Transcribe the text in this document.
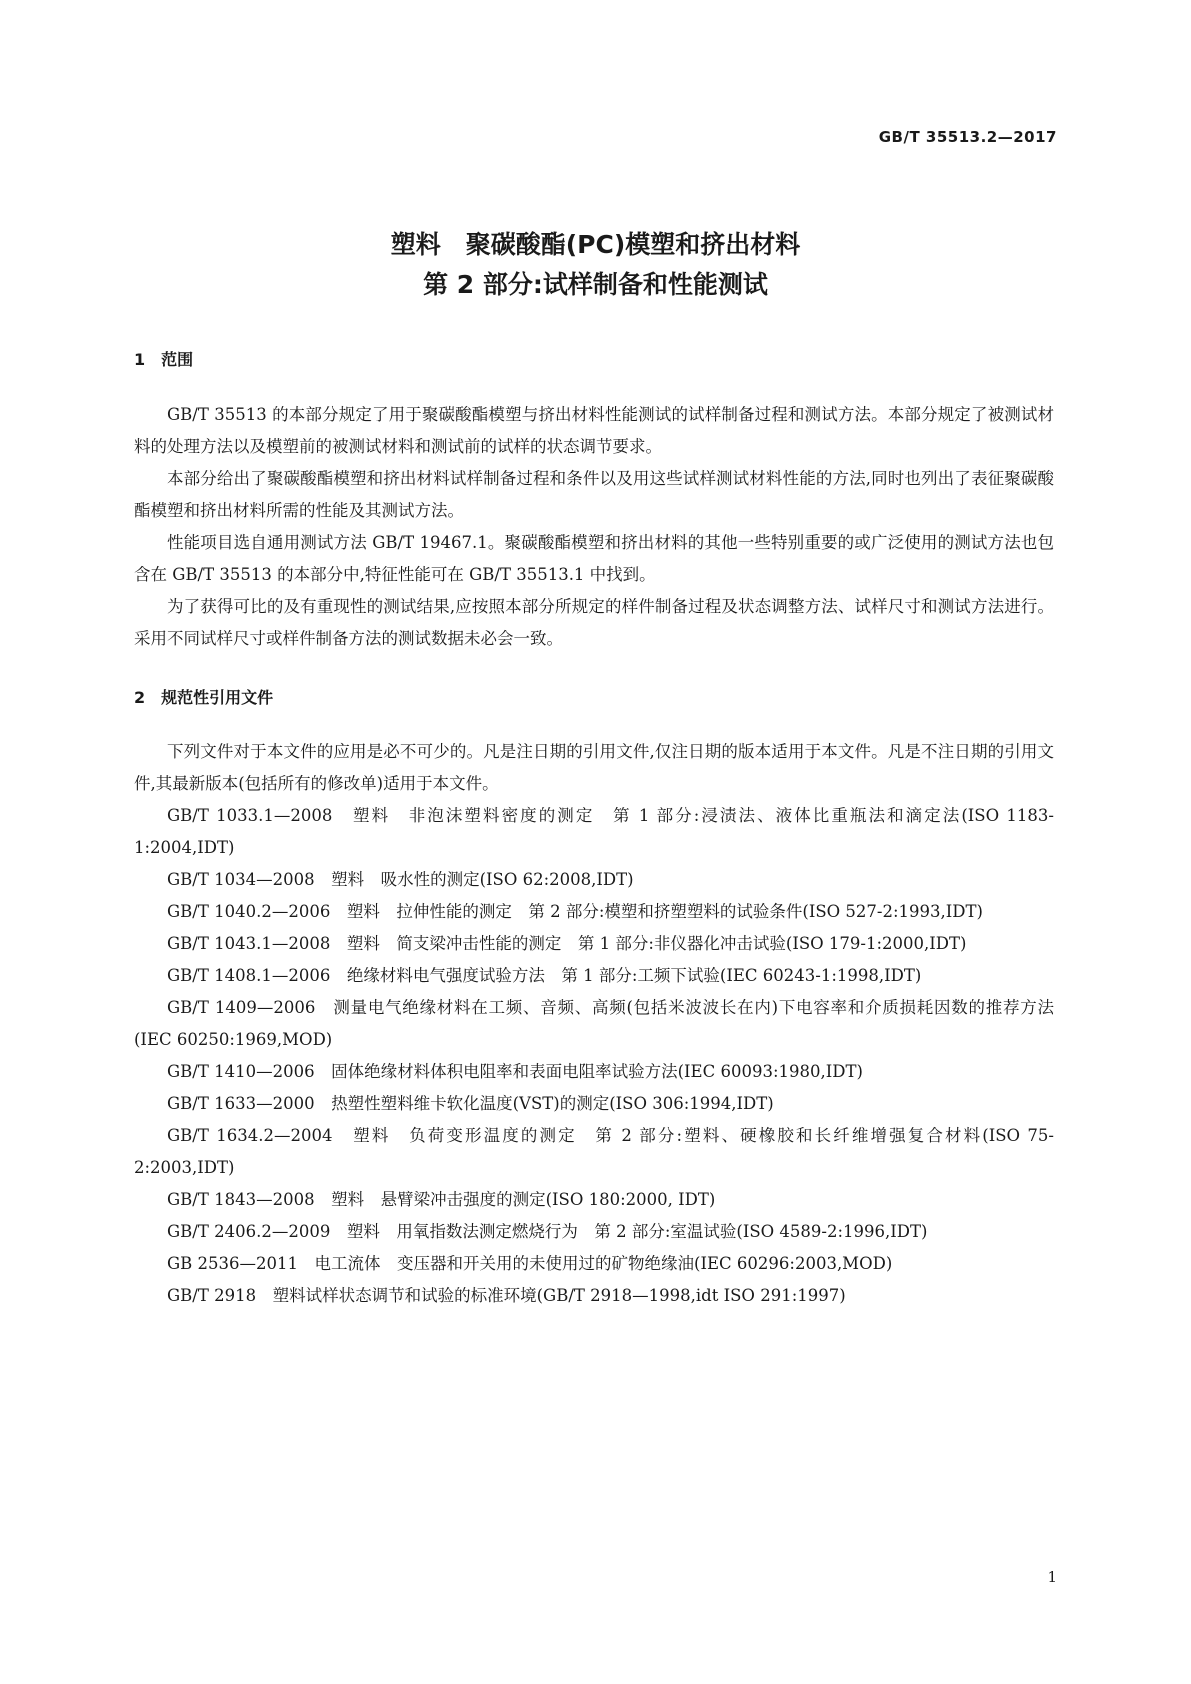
GB/T 35513.2—2017
塑料　聚碳酸酯(PC)模塑和挤出材料
第 2 部分:试样制备和性能测试
1　范围

GB/T 35513 的本部分规定了用于聚碳酸酯模塑与挤出材料性能测试的试样制备过程和测试方法。本部分规定了被测试材料的处理方法以及模塑前的被测试材料和测试前的试样的状态调节要求。

本部分给出了聚碳酸酯模塑和挤出材料试样制备过程和条件以及用这些试样测试材料性能的方法,同时也列出了表征聚碳酸酯模塑和挤出材料所需的性能及其测试方法。

性能项目选自通用测试方法 GB/T 19467.1。聚碳酸酯模塑和挤出材料的其他一些特别重要的或广泛使用的测试方法也包含在 GB/T 35513 的本部分中,特征性能可在 GB/T 35513.1 中找到。

为了获得可比的及有重现性的测试结果,应按照本部分所规定的样件制备过程及状态调整方法、试样尺寸和测试方法进行。采用不同试样尺寸或样件制备方法的测试数据未必会一致。

2　规范性引用文件

下列文件对于本文件的应用是必不可少的。凡是注日期的引用文件,仅注日期的版本适用于本文件。凡是不注日期的引用文件,其最新版本(包括所有的修改单)适用于本文件。

GB/T 1033.1—2008　塑料　非泡沫塑料密度的测定　第 1 部分:浸渍法、液体比重瓶法和滴定法(ISO 1183-1:2004,IDT)

GB/T 1034—2008　塑料　吸水性的测定(ISO 62:2008,IDT)

GB/T 1040.2—2006　塑料　拉伸性能的测定　第 2 部分:模塑和挤塑塑料的试验条件(ISO 527-2:1993,IDT)

GB/T 1043.1—2008　塑料　简支梁冲击性能的测定　第 1 部分:非仪器化冲击试验(ISO 179-1:2000,IDT)

GB/T 1408.1—2006　绝缘材料电气强度试验方法　第 1 部分:工频下试验(IEC 60243-1:1998,IDT)

GB/T 1409—2006　测量电气绝缘材料在工频、音频、高频(包括米波波长在内)下电容率和介质损耗因数的推荐方法(IEC 60250:1969,MOD)

GB/T 1410—2006　固体绝缘材料体积电阻率和表面电阻率试验方法(IEC 60093:1980,IDT)

GB/T 1633—2000　热塑性塑料维卡软化温度(VST)的测定(ISO 306:1994,IDT)

GB/T 1634.2—2004　塑料　负荷变形温度的测定　第 2 部分:塑料、硬橡胶和长纤维增强复合材料(ISO 75-2:2003,IDT)

GB/T 1843—2008　塑料　悬臂梁冲击强度的测定(ISO 180:2000, IDT)

GB/T 2406.2—2009　塑料　用氧指数法测定燃烧行为　第 2 部分:室温试验(ISO 4589-2:1996,IDT)

GB 2536—2011　电工流体　变压器和开关用的未使用过的矿物绝缘油(IEC 60296:2003,MOD)

GB/T 2918　塑料试样状态调节和试验的标准环境(GB/T 2918—1998,idt ISO 291:1997)

1
